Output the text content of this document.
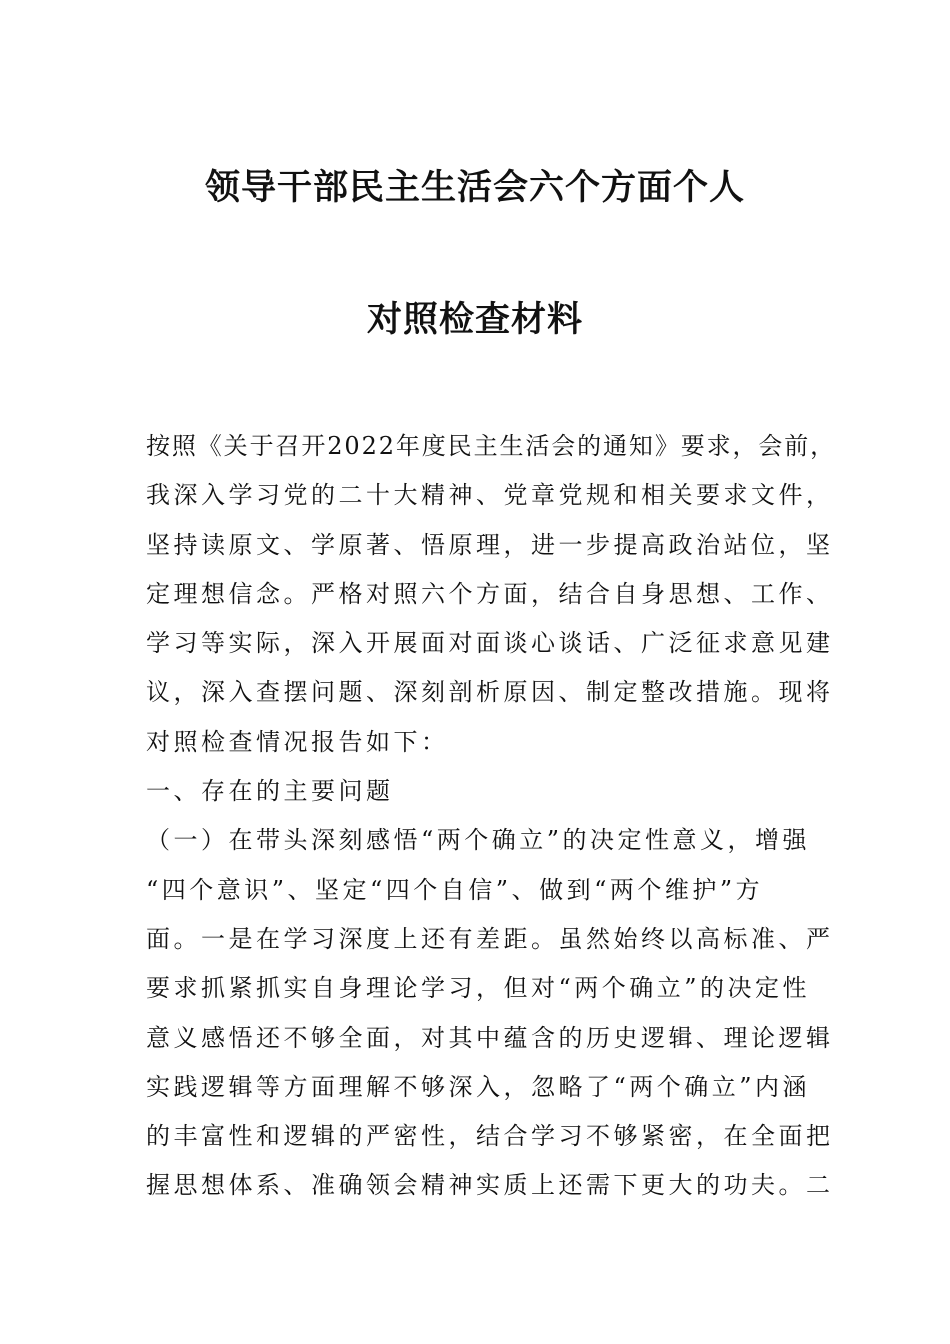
领导干部民主生活会六个方面个人
对照检查材料
按照《关于召开2022年度民主生活会的通知》要求，会前，
我深入学习党的二十大精神、党章党规和相关要求文件，
坚持读原文、学原著、悟原理，进一步提高政治站位，坚
定理想信念。严格对照六个方面，结合自身思想、工作、
学习等实际，深入开展面对面谈心谈话、广泛征求意见建
议，深入查摆问题、深刻剖析原因、制定整改措施。现将
对照检查情况报告如下：
一、存在的主要问题
（一）在带头深刻感悟“两个确立”的决定性意义，增强
“四个意识”、坚定“四个自信”、做到“两个维护”方
面。一是在学习深度上还有差距。虽然始终以高标准、严
要求抓紧抓实自身理论学习，但对“两个确立”的决定性
意义感悟还不够全面，对其中蕴含的历史逻辑、理论逻辑
实践逻辑等方面理解不够深入，忽略了“两个确立”内涵
的丰富性和逻辑的严密性，结合学习不够紧密，在全面把
握思想体系、准确领会精神实质上还需下更大的功夫。二
